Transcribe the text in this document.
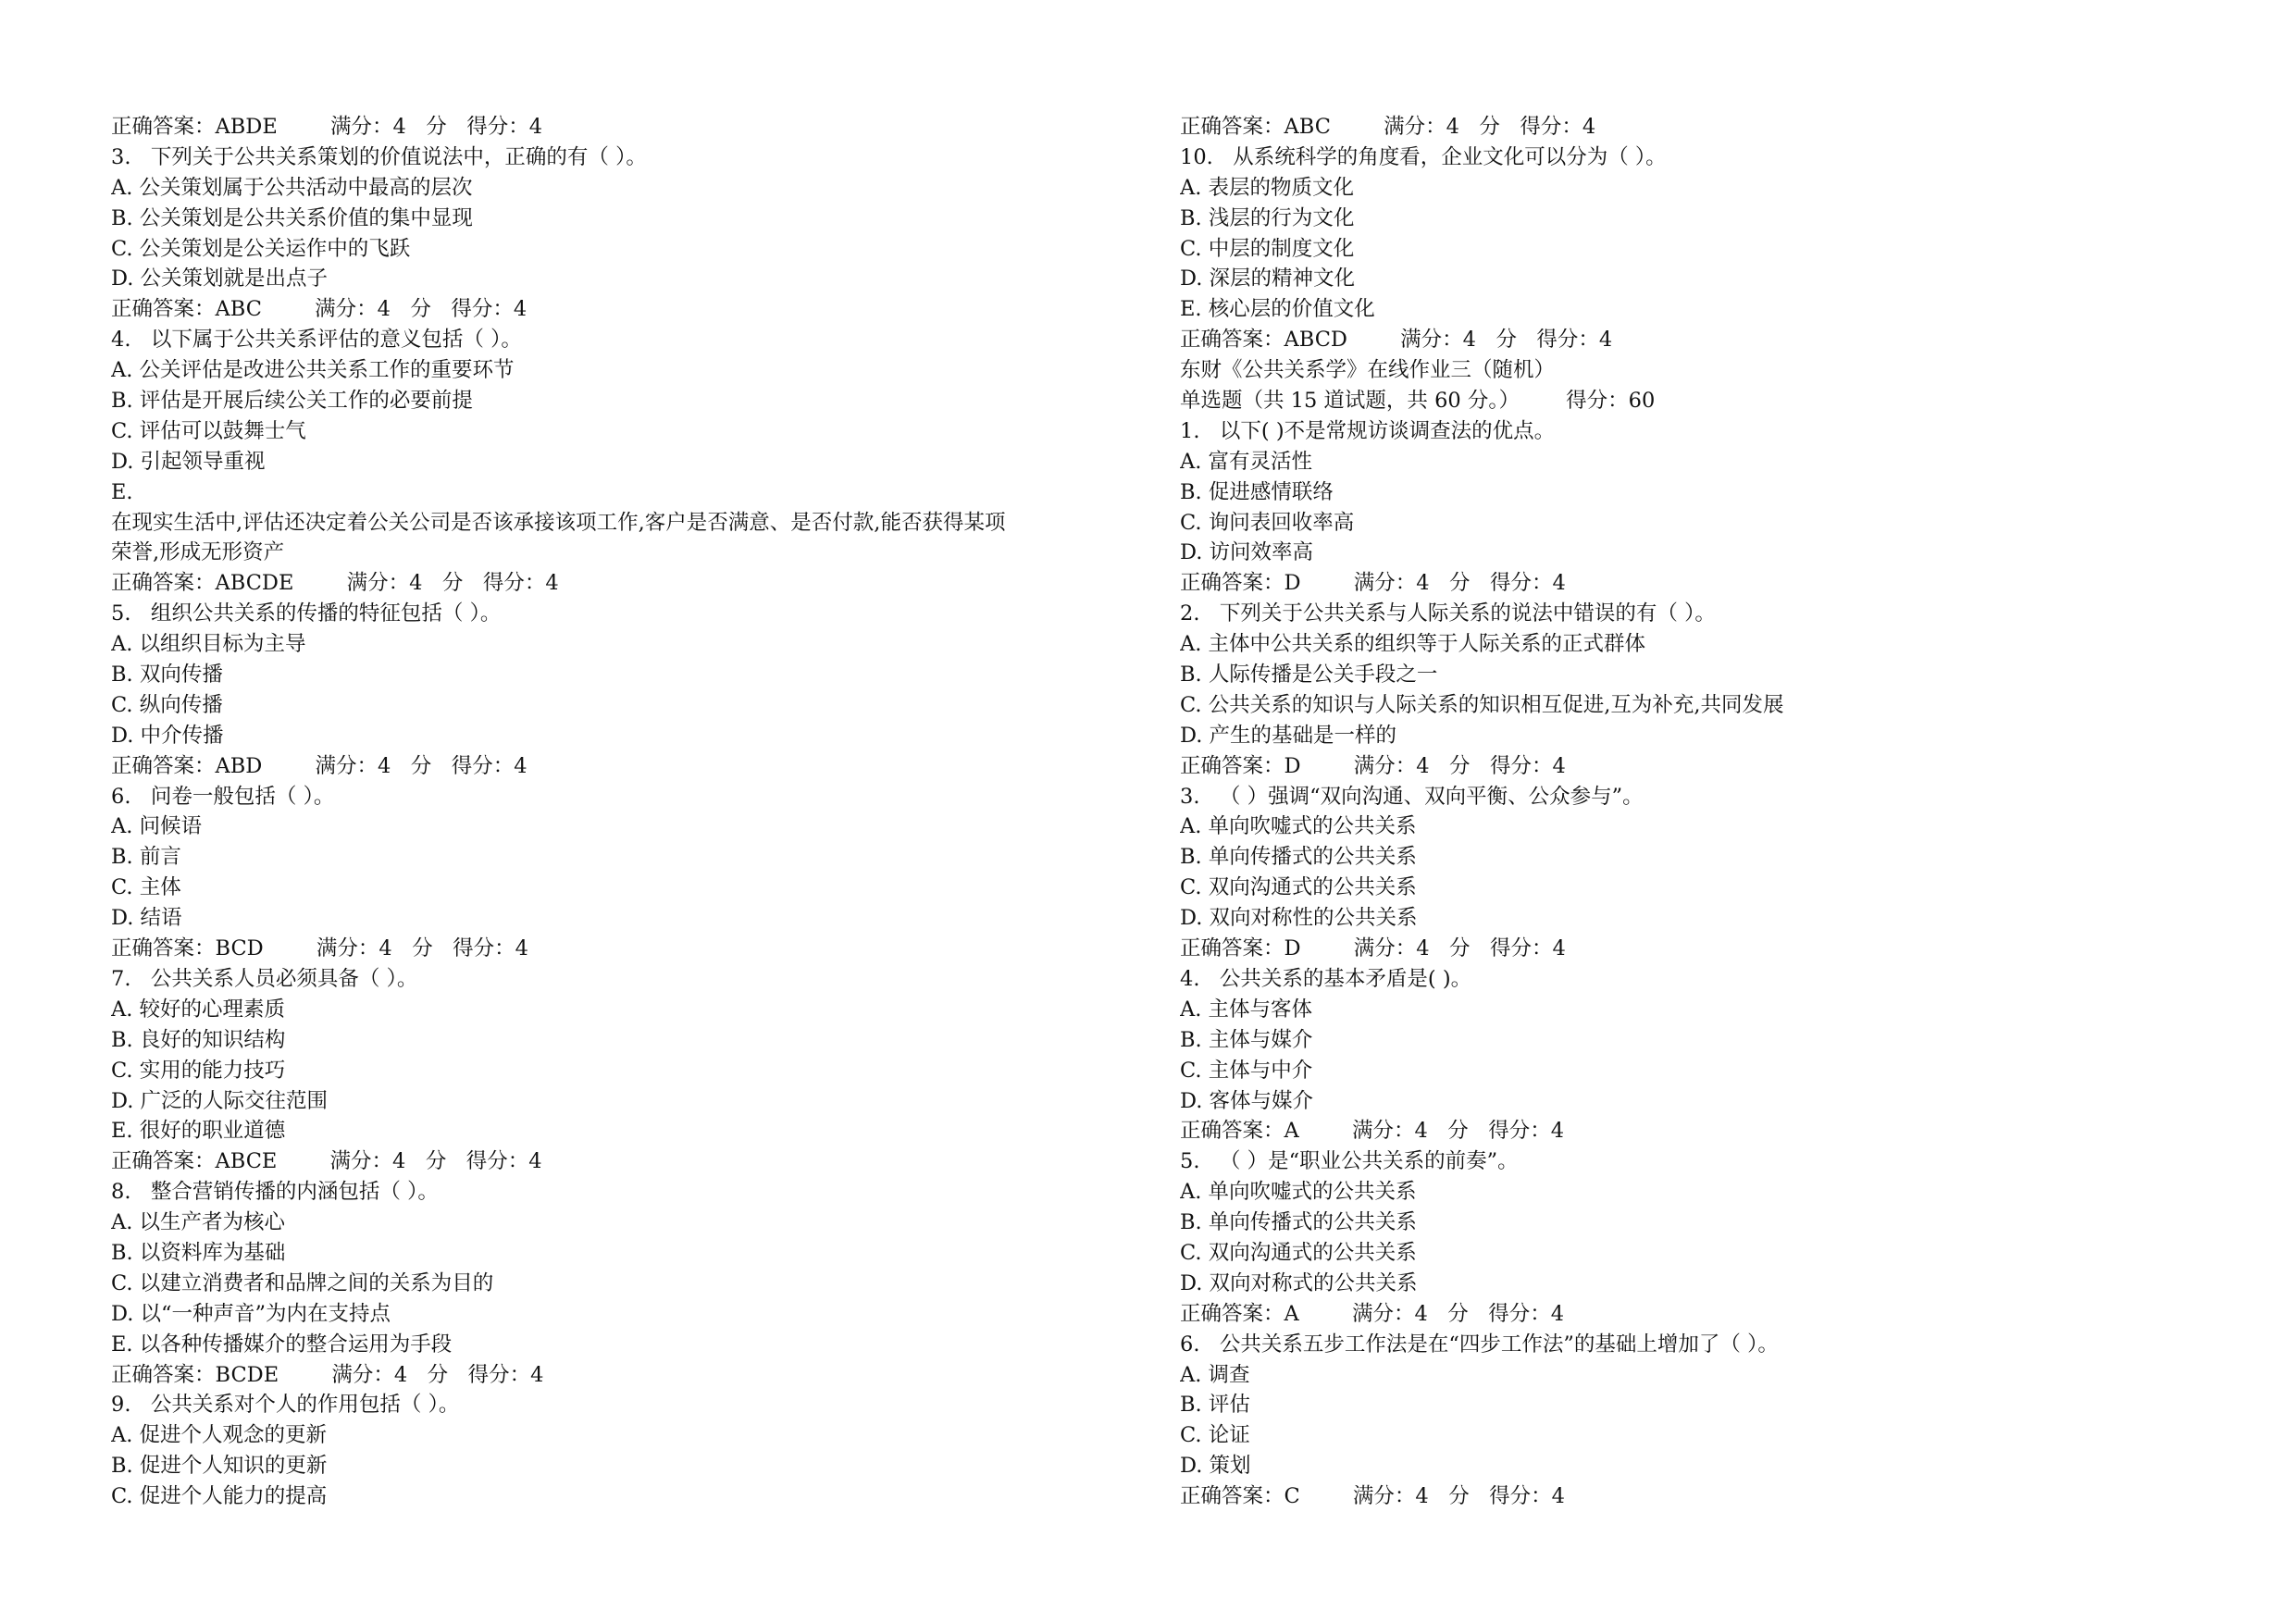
正确答案：ABDE        满分：4   分   得分：4
3.   下列关于公共关系策划的价值说法中，正确的有（ ）。
A. 公关策划属于公共活动中最高的层次
B. 公关策划是公共关系价值的集中显现
C. 公关策划是公关运作中的飞跃
D. 公关策划就是出点子
正确答案：ABC        满分：4   分   得分：4
4.   以下属于公共关系评估的意义包括（ ）。
A. 公关评估是改进公共关系工作的重要环节
B. 评估是开展后续公关工作的必要前提
C. 评估可以鼓舞士气
D. 引起领导重视
E.
在现实生活中,评估还决定着公关公司是否该承接该项工作,客户是否满意、是否付款,能否获得某项
荣誉,形成无形资产
正确答案：ABCDE        满分：4   分   得分：4
5.   组织公共关系的传播的特征包括（ ）。
A. 以组织目标为主导
B. 双向传播
C. 纵向传播
D. 中介传播
正确答案：ABD        满分：4   分   得分：4
6.   问卷一般包括（ ）。
A. 问候语
B. 前言
C. 主体
D. 结语
正确答案：BCD        满分：4   分   得分：4
7.   公共关系人员必须具备（ ）。
A. 较好的心理素质
B. 良好的知识结构
C. 实用的能力技巧
D. 广泛的人际交往范围
E. 很好的职业道德
正确答案：ABCE        满分：4   分   得分：4
8.   整合营销传播的内涵包括（ ）。
A. 以生产者为核心
B. 以资料库为基础
C. 以建立消费者和品牌之间的关系为目的
D. 以“一种声音”为内在支持点
E. 以各种传播媒介的整合运用为手段
正确答案：BCDE        满分：4   分   得分：4
9.   公共关系对个人的作用包括（ ）。
A. 促进个人观念的更新
B. 促进个人知识的更新
C. 促进个人能力的提高
正确答案：ABC        满分：4   分   得分：4
10.   从系统科学的角度看，企业文化可以分为（ ）。
A. 表层的物质文化
B. 浅层的行为文化
C. 中层的制度文化
D. 深层的精神文化
E. 核心层的价值文化
正确答案：ABCD        满分：4   分   得分：4
东财《公共关系学》在线作业三（随机）
单选题（共 15 道试题，共 60 分。）       得分：60
1.   以下( )不是常规访谈调查法的优点。
A. 富有灵活性
B. 促进感情联络
C. 询问表回收率高
D. 访问效率高
正确答案：D        满分：4   分   得分：4
2.   下列关于公共关系与人际关系的说法中错误的有（ ）。
A. 主体中公共关系的组织等于人际关系的正式群体
B. 人际传播是公关手段之一
C. 公共关系的知识与人际关系的知识相互促进,互为补充,共同发展
D. 产生的基础是一样的
正确答案：D        满分：4   分   得分：4
3.   （ ）强调“双向沟通、双向平衡、公众参与”。
A. 单向吹嘘式的公共关系
B. 单向传播式的公共关系
C. 双向沟通式的公共关系
D. 双向对称性的公共关系
正确答案：D        满分：4   分   得分：4
4.   公共关系的基本矛盾是( )。
A. 主体与客体
B. 主体与媒介
C. 主体与中介
D. 客体与媒介
正确答案：A        满分：4   分   得分：4
5.   （ ）是“职业公共关系的前奏”。
A. 单向吹嘘式的公共关系
B. 单向传播式的公共关系
C. 双向沟通式的公共关系
D. 双向对称式的公共关系
正确答案：A        满分：4   分   得分：4
6.   公共关系五步工作法是在“四步工作法”的基础上增加了（ ）。
A. 调查
B. 评估
C. 论证
D. 策划
正确答案：C        满分：4   分   得分：4
